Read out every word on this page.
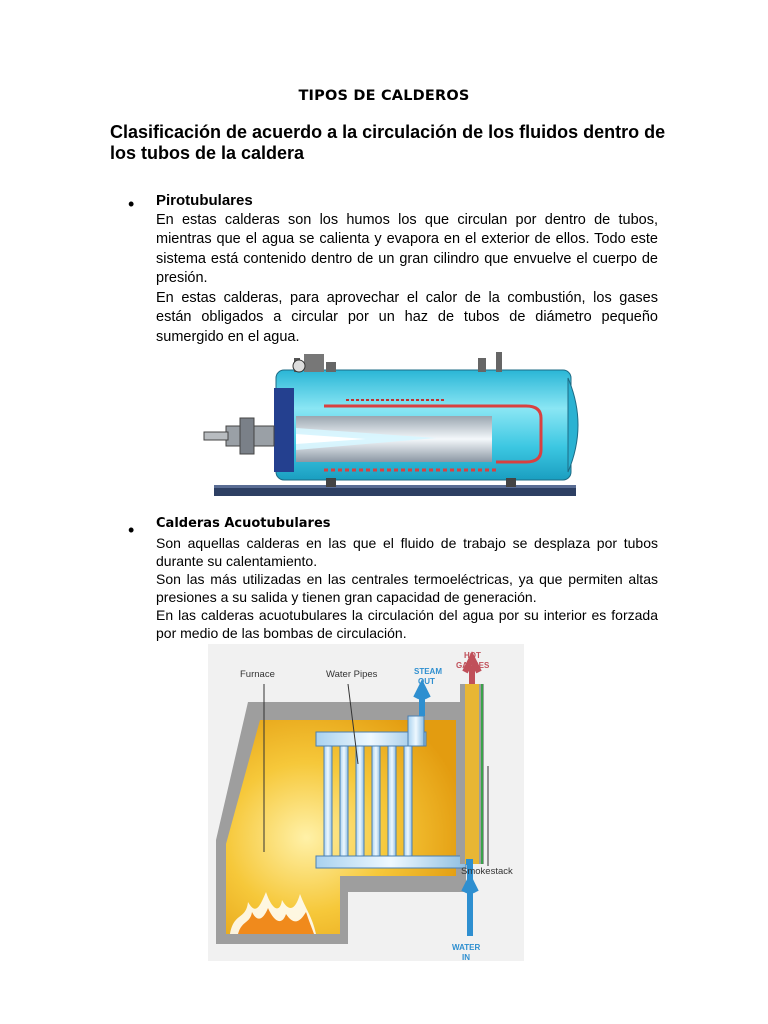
TIPOS DE CALDEROS
Clasificación de acuerdo a la circulación de los fluidos dentro de los tubos de la caldera
• Pirotubulares
En estas calderas son los humos los que circulan por dentro de tubos, mientras que el agua se calienta y evapora en el exterior de ellos. Todo este sistema está contenido dentro de un gran cilindro que envuelve el cuerpo de presión.
En estas calderas, para aprovechar el calor de la combustión, los gases están obligados a circular por un haz de tubos de diámetro pequeño sumergido en el agua.
• Calderas Acuotubulares
Son aquellas calderas en las que el fluido de trabajo se desplaza por tubos durante su calentamiento.
Son las más utilizadas en las centrales termoeléctricas, ya que permiten altas presiones a su salida y tienen gran capacidad de generación.
En las calderas acuotubulares la circulación del agua por su interior es forzada por medio de las bombas de circulación.
Furnace	Water Pipes	STEAM
OUT
HOT
GASSES
Smokestack
WATER
IN
